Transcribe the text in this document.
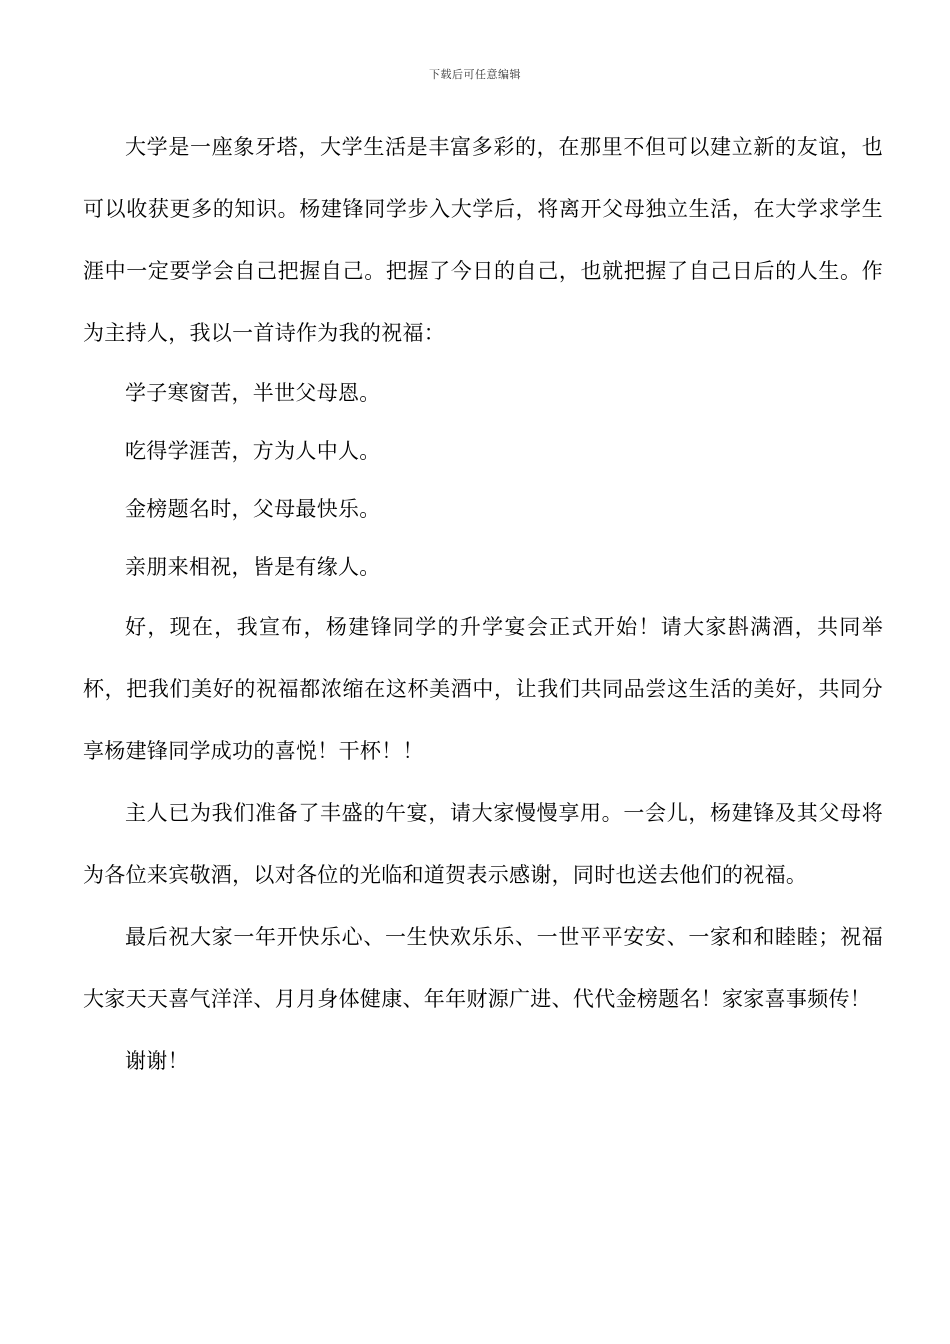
下载后可任意编辑

大学是一座象牙塔，大学生活是丰富多彩的，在那里不但可以建立新的友谊，也可以收获更多的知识。杨建锋同学步入大学后，将离开父母独立生活，在大学求学生涯中一定要学会自己把握自己。把握了今日的自己，也就把握了自己日后的人生。作为主持人，我以一首诗作为我的祝福：

学子寒窗苦，半世父母恩。

吃得学涯苦，方为人中人。

金榜题名时，父母最快乐。

亲朋来相祝，皆是有缘人。

好，现在，我宣布，杨建锋同学的升学宴会正式开始！请大家斟满酒，共同举杯，把我们美好的祝福都浓缩在这杯美酒中，让我们共同品尝这生活的美好，共同分享杨建锋同学成功的喜悦！干杯！！

主人已为我们准备了丰盛的午宴，请大家慢慢享用。一会儿，杨建锋及其父母将为各位来宾敬酒，以对各位的光临和道贺表示感谢，同时也送去他们的祝福。

最后祝大家一年开快乐心、一生快欢乐乐、一世平平安安、一家和和睦睦；祝福大家天天喜气洋洋、月月身体健康、年年财源广进、代代金榜题名！家家喜事频传！

谢谢！
